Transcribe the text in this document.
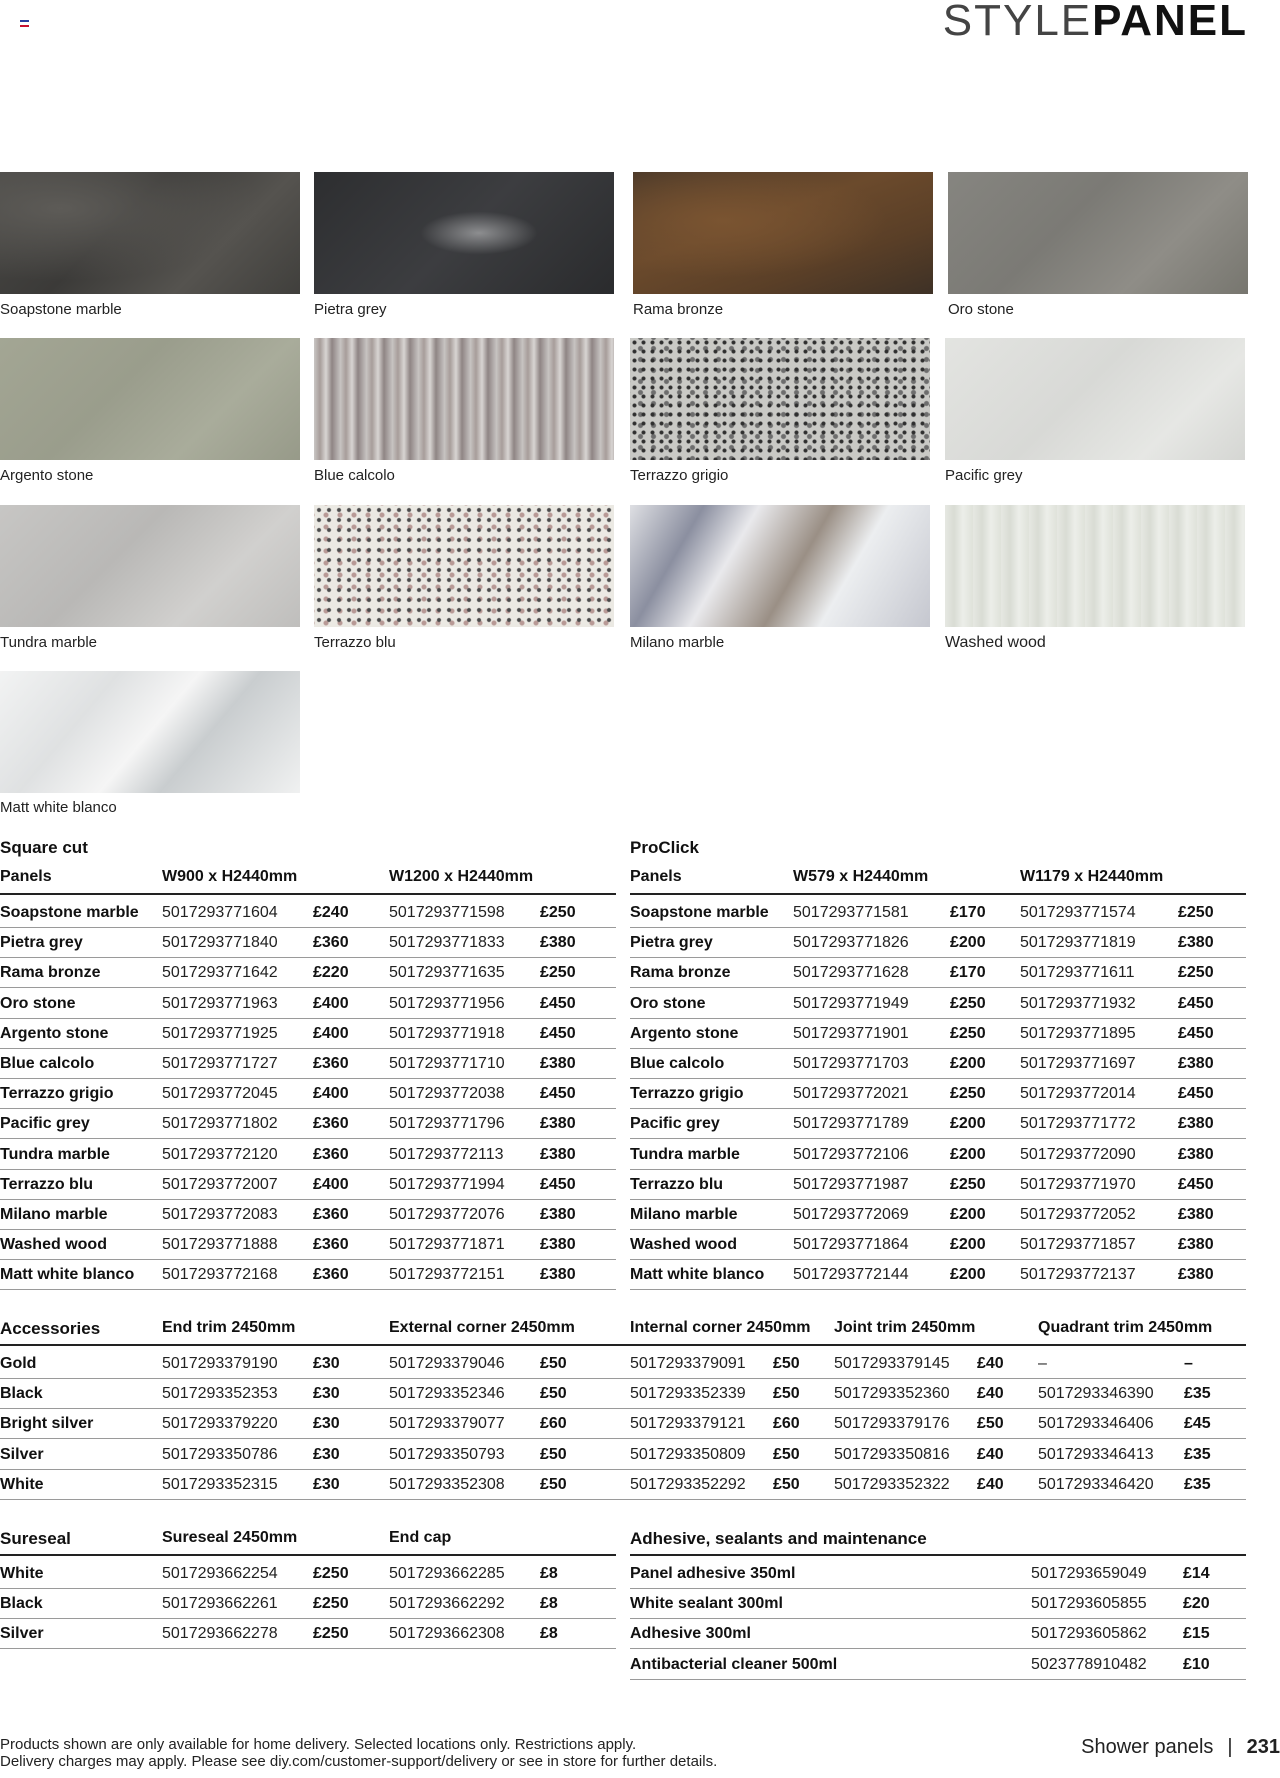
STYLEPANEL
Soapstone marble	Pietra grey	Rama bronze	Oro stone
Argento stone	Blue calcolo	Terrazzo grigio	Pacific grey
Tundra marble	Terrazzo blu	Milano marble	Washed wood
Matt white blanco
Square cut
Panels	W900 x H2440mm	W1200 x H2440mm
Soapstone marble 5017293771604 £240	5017293771598 £250
Pietra grey	5017293771840 £360	5017293771833 £380
Rama bronze	5017293771642 £220	5017293771635 £250
Oro stone	5017293771963 £400	5017293771956 £450
Argento stone	5017293771925 £400	5017293771918 £450
Blue calcolo	5017293771727 £360	5017293771710 £380
Terrazzo grigio	5017293772045 £400	5017293772038 £450
Pacific grey	5017293771802 £360	5017293771796 £380
Tundra marble	5017293772120 £360	5017293772113 £380
Terrazzo blu	5017293772007 £400	5017293771994 £450
Milano marble	5017293772083 £360	5017293772076 £380
Washed wood	5017293771888 £360	5017293771871 £380
Matt white blanco 5017293772168 £360	5017293772151 £380
ProClick
Panels	W579 x H2440mm	W1179 x H2440mm
Soapstone marble 5017293771581	£170 5017293771574	£250
Pietra grey	5017293771826	£200 5017293771819	£380
Rama bronze	5017293771628	£170 5017293771611	£250
Oro stone	5017293771949	£250 5017293771932	£450
Argento stone	5017293771901	£250 5017293771895	£450
Blue calcolo	5017293771703	£200 5017293771697	£380
Terrazzo grigio	5017293772021	£250 5017293772014	£450
Pacific grey	5017293771789	£200 5017293771772	£380
Tundra marble	5017293772106	£200 5017293772090	£380
Terrazzo blu	5017293771987	£250 5017293771970	£450
Milano marble	5017293772069	£200 5017293772052	£380
Washed wood	5017293771864	£200 5017293771857	£380
Matt white blanco 5017293772144	£200 5017293772137	£380
Accessories	End trim 2450mm	External corner 2450mm	Internal corner 2450mm Joint trim 2450mm	Quadrant trim 2450mm
Gold	5017293379190 £30	5017293379046 £50	5017293379091 £50 5017293379145 £40 –	–
Black	5017293352353 £30	5017293352346 £50	5017293352339 £50 5017293352360 £40 5017293346390 £35
Bright silver	5017293379220 £30	5017293379077 £60	5017293379121 £60 5017293379176 £50 5017293346406 £45
Silver	5017293350786 £30	5017293350793 £50	5017293350809 £50 5017293350816 £40 5017293346413 £35
White	5017293352315 £30	5017293352308 £50	5017293352292 £50 5017293352322 £40 5017293346420 £35
Sureseal	Sureseal 2450mm	End cap
White	5017293662254 £250	5017293662285 £8
Black	5017293662261 £250	5017293662292 £8
Silver	5017293662278 £250	5017293662308 £8
Adhesive, sealants and maintenance
Panel adhesive 350ml	5017293659049 £14
White sealant 300ml	5017293605855 £20
Adhesive 300ml	5017293605862 £15
Antibacterial cleaner 500ml	5023778910482 £10
Products shown are only available for home delivery. Selected locations only. Restrictions apply.
Delivery charges may apply. Please see diy.com/customer-support/delivery or see in store for further details.
Shower panels | 231
